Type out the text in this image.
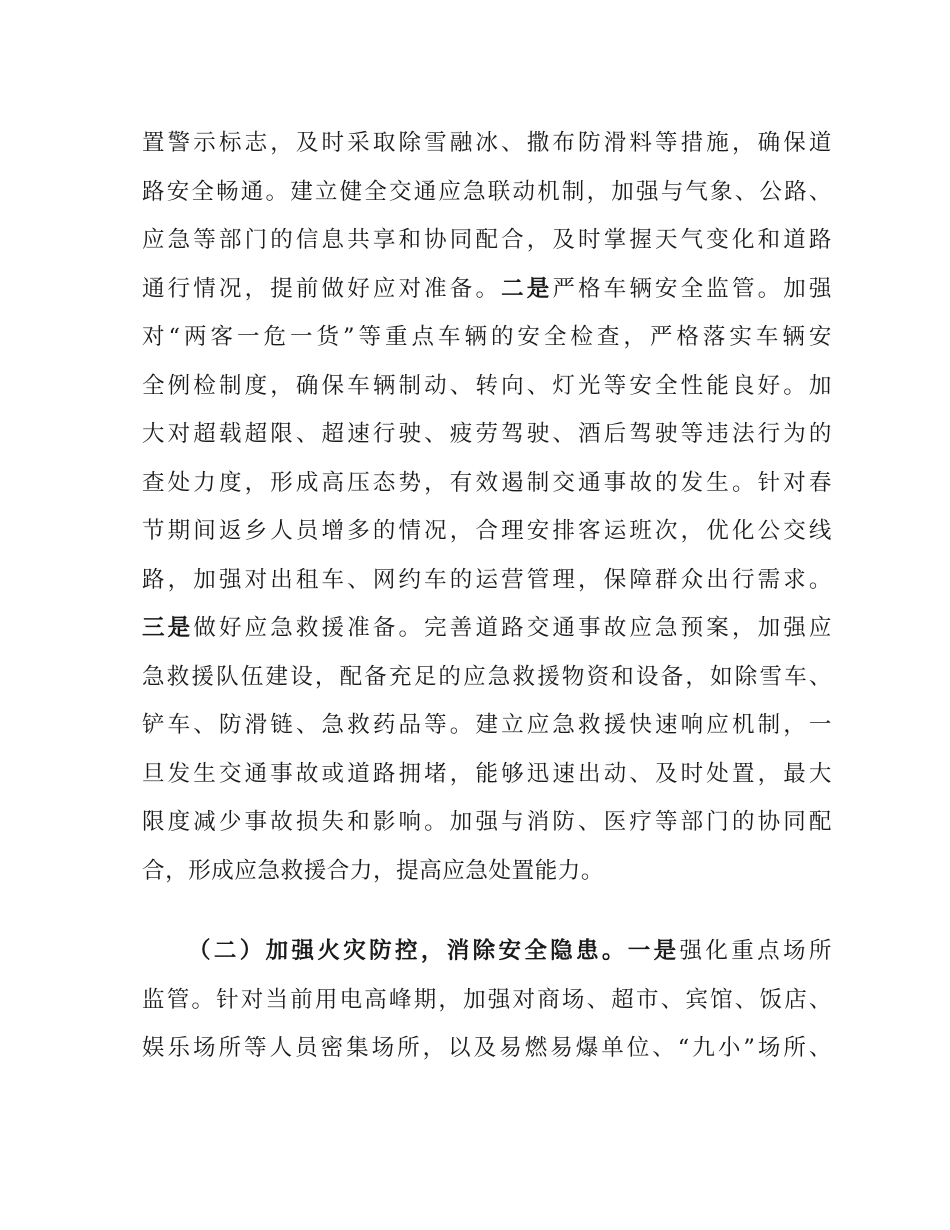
置警示标志，及时采取除雪融冰、撒布防滑料等措施，确保道
路安全畅通。建立健全交通应急联动机制，加强与气象、公路、
应急等部门的信息共享和协同配合，及时掌握天气变化和道路
通行情况，提前做好应对准备。二是严格车辆安全监管。加强
对“两客一危一货”等重点车辆的安全检查，严格落实车辆安
全例检制度，确保车辆制动、转向、灯光等安全性能良好。加
大对超载超限、超速行驶、疲劳驾驶、酒后驾驶等违法行为的
查处力度，形成高压态势，有效遏制交通事故的发生。针对春
节期间返乡人员增多的情况，合理安排客运班次，优化公交线
路，加强对出租车、网约车的运营管理，保障群众出行需求。
三是做好应急救援准备。完善道路交通事故应急预案，加强应
急救援队伍建设，配备充足的应急救援物资和设备，如除雪车、
铲车、防滑链、急救药品等。建立应急救援快速响应机制，一
旦发生交通事故或道路拥堵，能够迅速出动、及时处置，最大
限度减少事故损失和影响。加强与消防、医疗等部门的协同配
合，形成应急救援合力，提高应急处置能力。
（二）加强火灾防控，消除安全隐患。一是强化重点场所
监管。针对当前用电高峰期，加强对商场、超市、宾馆、饭店、
娱乐场所等人员密集场所，以及易燃易爆单位、“九小”场所、
